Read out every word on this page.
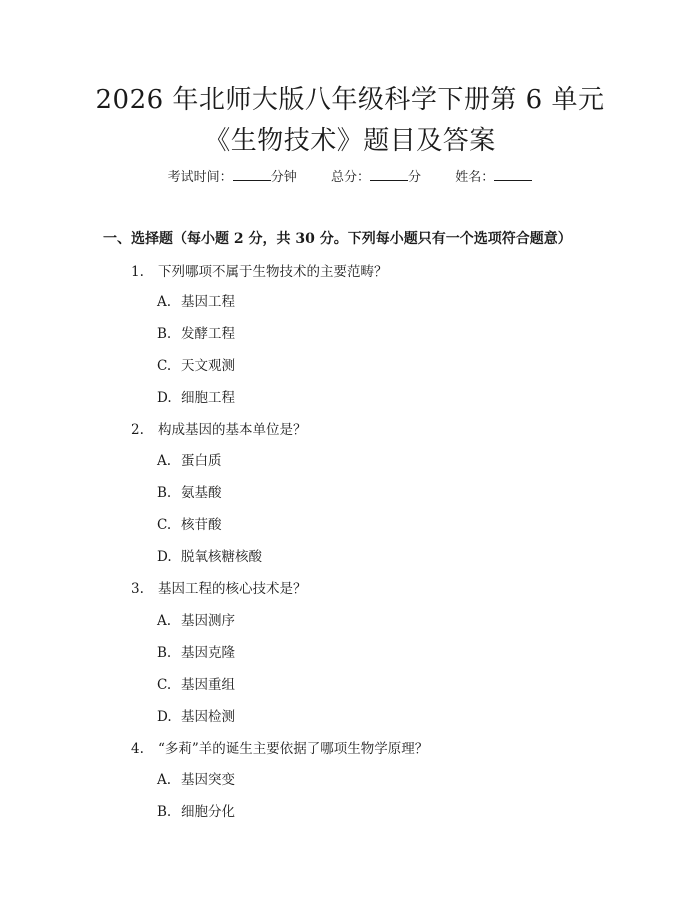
2026 年北师大版八年级科学下册第 6 单元
《生物技术》题目及答案
考试时间：	分钟	总分：	分	姓名：
一、选择题（每小题 2 分，共 30 分。下列每小题只有一个选项符合题意）
1. 下列哪项不属于生物技术的主要范畴？
A. 基因工程
B. 发酵工程
C. 天文观测
D. 细胞工程
2. 构成基因的基本单位是？
A. 蛋白质
B. 氨基酸
C. 核苷酸
D. 脱氧核糖核酸
3. 基因工程的核心技术是？
A. 基因测序
B. 基因克隆
C. 基因重组
D. 基因检测
4. “多莉”羊的诞生主要依据了哪项生物学原理？
A. 基因突变
B. 细胞分化
